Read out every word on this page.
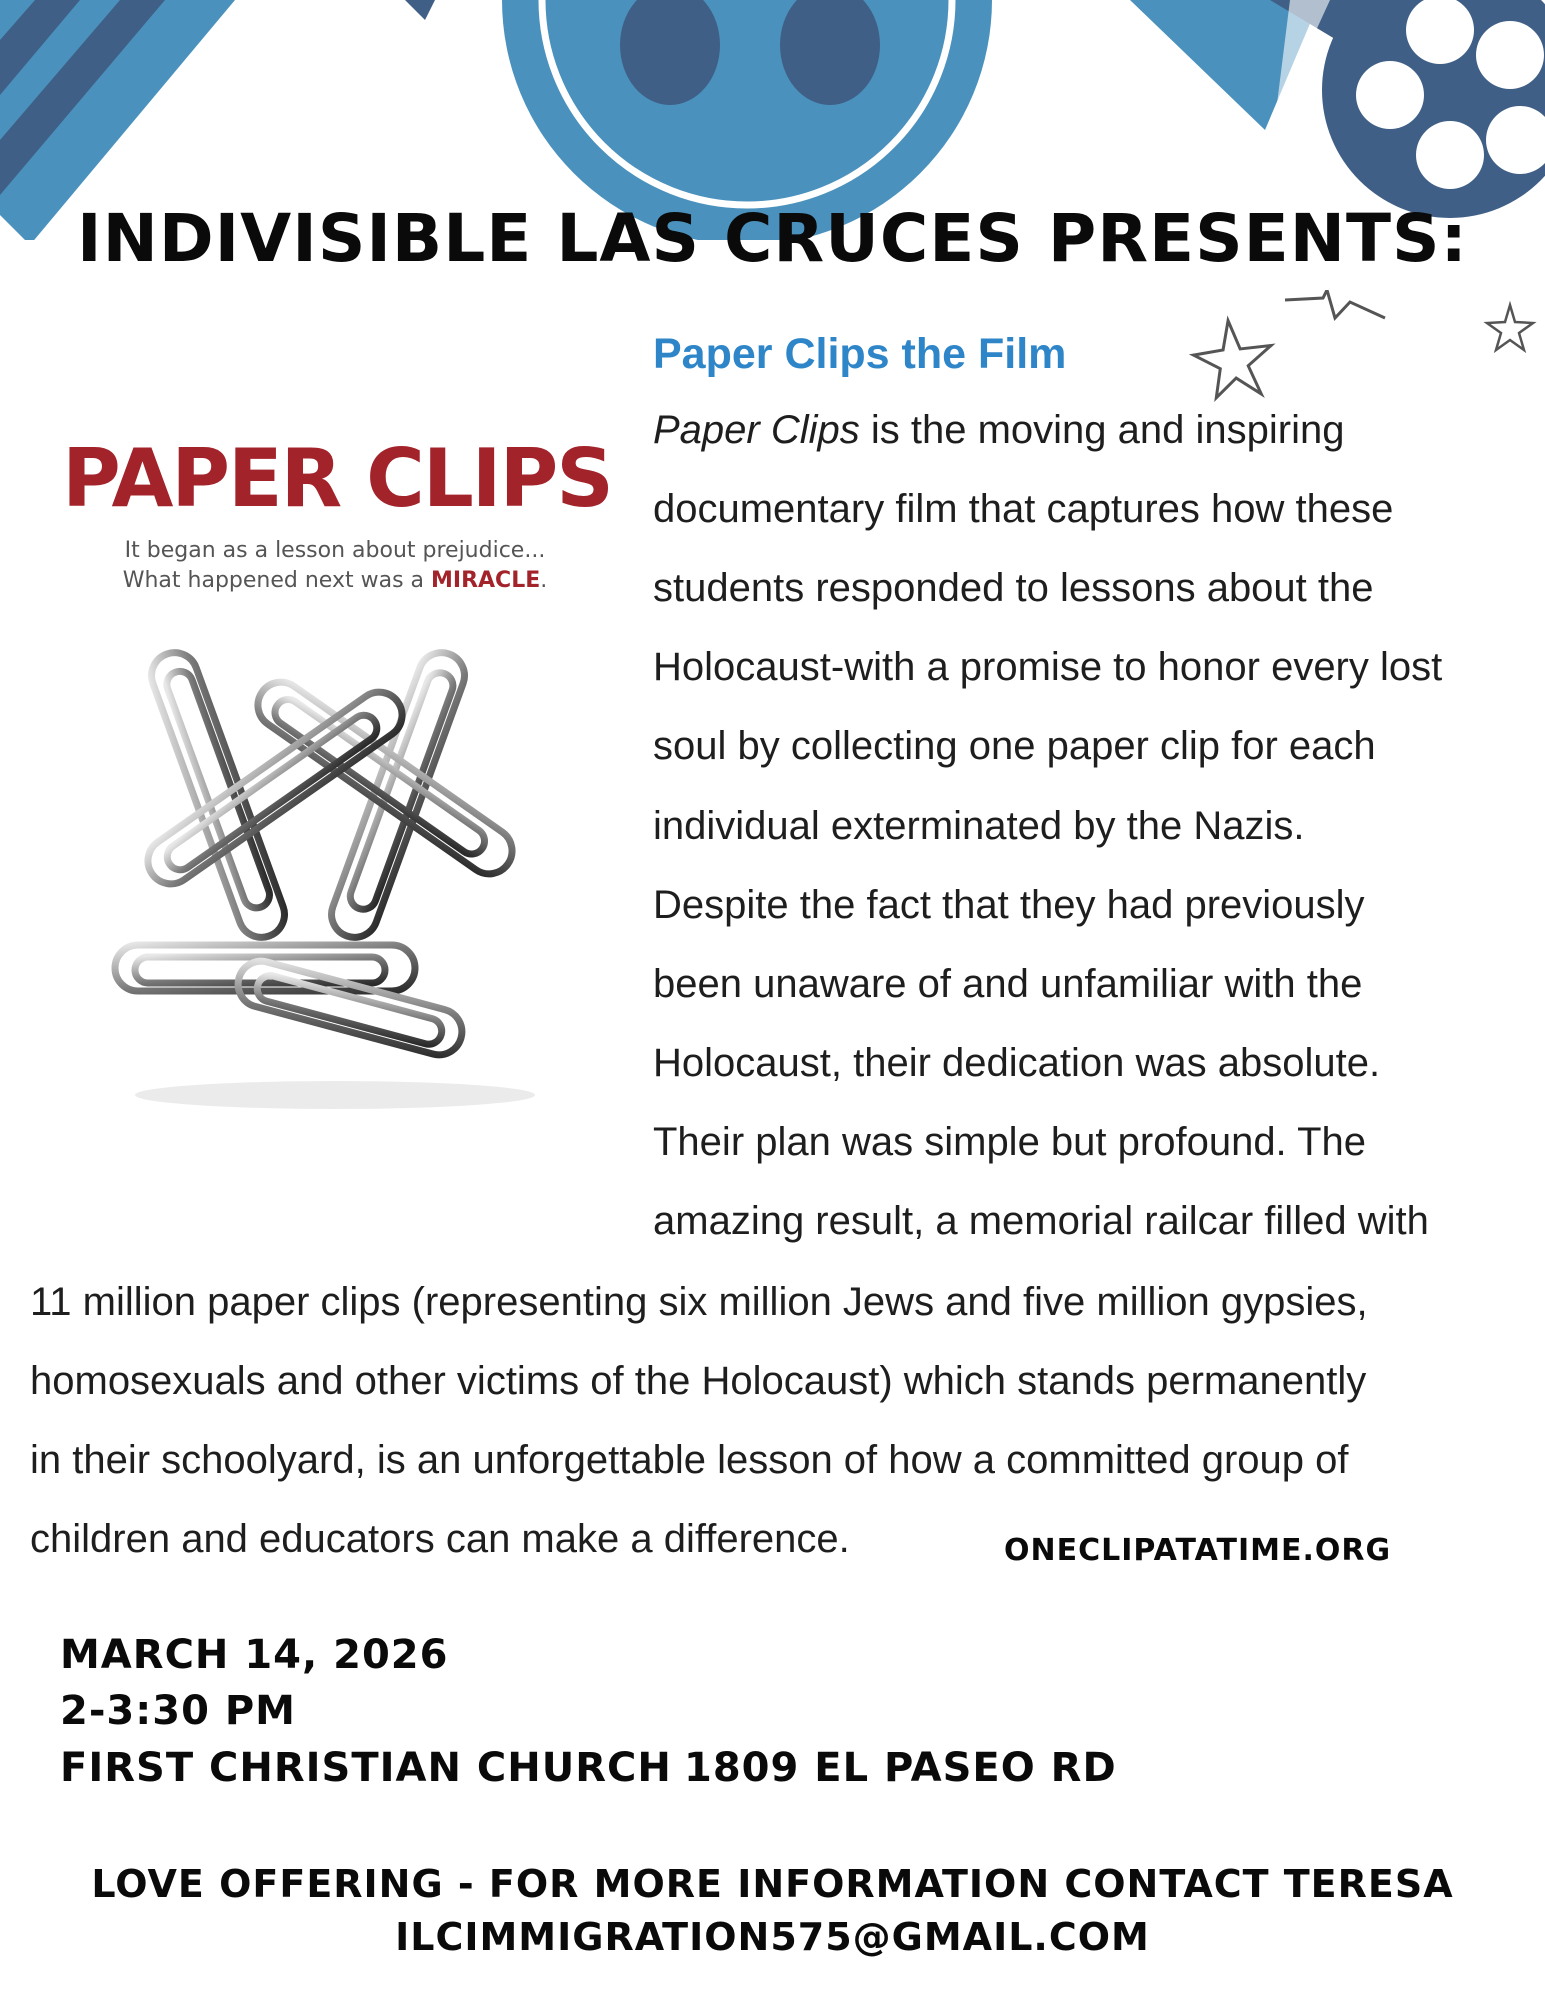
INDIVISIBLE LAS CRUCES PRESENTS:
PAPER CLIPS
It began as a lesson about prejudice...
What happened next was a MIRACLE.
Paper Clips the Film
Paper Clips is the moving and inspiring
documentary film that captures how these
students responded to lessons about the
Holocaust-with a promise to honor every lost
soul by collecting one paper clip for each
individual exterminated by the Nazis.
Despite the fact that they had previously
been unaware of and unfamiliar with the
Holocaust, their dedication was absolute.
Their plan was simple but profound. The
amazing result, a memorial railcar filled with
11 million paper clips (representing six million Jews and five million gypsies,
homosexuals and other victims of the Holocaust) which stands permanently
in their schoolyard, is an unforgettable lesson of how a committed group of
children and educators can make a difference.	ONECLIPATATIME.ORG
MARCH 14, 2026
2-3:30 PM
FIRST CHRISTIAN CHURCH 1809 EL PASEO RD
LOVE OFFERING - FOR MORE INFORMATION CONTACT TERESA
ILCIMMIGRATION575@GMAIL.COM
